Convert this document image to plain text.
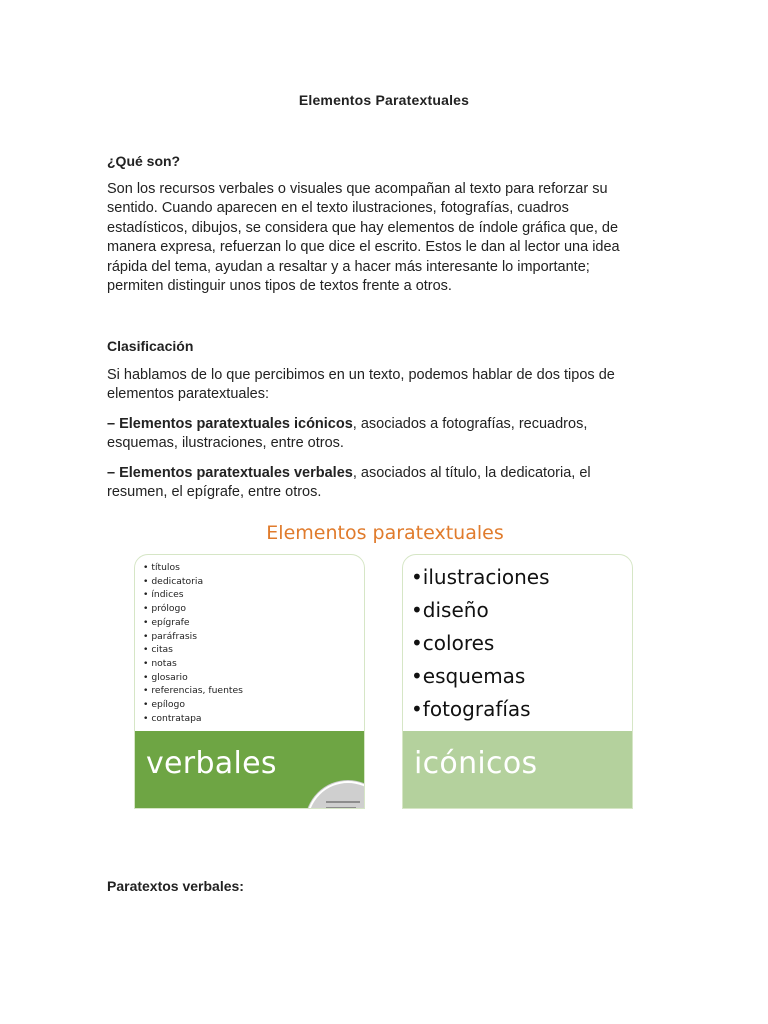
Elementos Paratextuales
¿Qué son?

Son los recursos verbales o visuales que acompañan al texto para reforzar su sentido. Cuando aparecen en el texto ilustraciones, fotografías, cuadros estadísticos, dibujos, se considera que hay elementos de índole gráfica que, de manera expresa, refuerzan lo que dice el escrito. Estos le dan al lector una idea rápida del tema, ayudan a resaltar y a hacer más interesante lo importante; permiten distinguir unos tipos de textos frente a otros.

Clasificación

Si hablamos de lo que percibimos en un texto, podemos hablar de dos tipos de elementos paratextuales:

– Elementos paratextuales icónicos, asociados a fotografías, recuadros, esquemas, ilustraciones, entre otros.

– Elementos paratextuales verbales, asociados al título, la dedicatoria, el resumen, el epígrafe, entre otros.

Elementos paratextuales
• títulos
• dedicatoria
• índices
• prólogo
• epígrafe
• paráfrasis
• citas
• notas
• glosario
• referencias, fuentes
• epílogo
• contratapa
verbales
•ilustraciones
•diseño
•colores
•esquemas
•fotografías
icónicos
Paratextos verbales:
